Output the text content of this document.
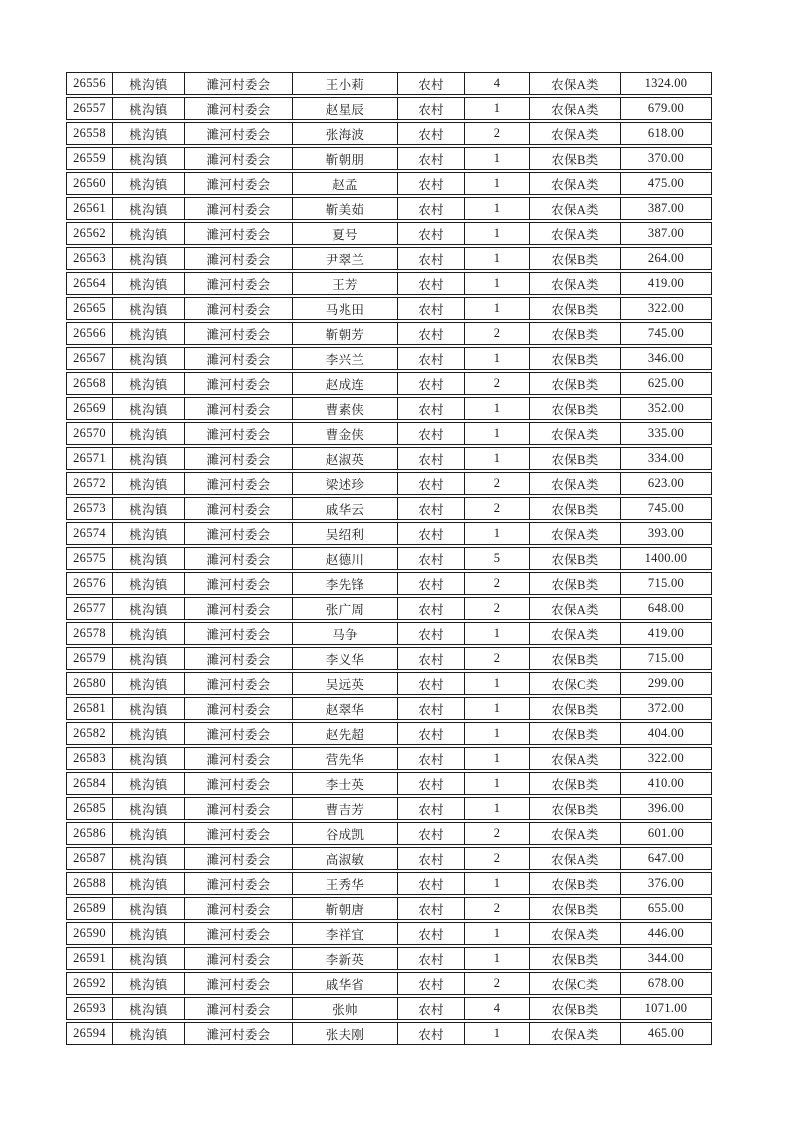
26556	桃沟镇	濉河村委会	王小莉	农村	4	农保A类	1324.00
26557	桃沟镇	濉河村委会	赵星辰	农村	1	农保A类	679.00
26558	桃沟镇	濉河村委会	张海波	农村	2	农保A类	618.00
26559	桃沟镇	濉河村委会	靳朝朋	农村	1	农保B类	370.00
26560	桃沟镇	濉河村委会	赵孟	农村	1	农保A类	475.00
26561	桃沟镇	濉河村委会	靳美茹	农村	1	农保A类	387.00
26562	桃沟镇	濉河村委会	夏号	农村	1	农保A类	387.00
26563	桃沟镇	濉河村委会	尹翠兰	农村	1	农保B类	264.00
26564	桃沟镇	濉河村委会	王芳	农村	1	农保A类	419.00
26565	桃沟镇	濉河村委会	马兆田	农村	1	农保B类	322.00
26566	桃沟镇	濉河村委会	靳朝芳	农村	2	农保B类	745.00
26567	桃沟镇	濉河村委会	李兴兰	农村	1	农保B类	346.00
26568	桃沟镇	濉河村委会	赵成连	农村	2	农保B类	625.00
26569	桃沟镇	濉河村委会	曹素侠	农村	1	农保B类	352.00
26570	桃沟镇	濉河村委会	曹金侠	农村	1	农保A类	335.00
26571	桃沟镇	濉河村委会	赵淑英	农村	1	农保B类	334.00
26572	桃沟镇	濉河村委会	梁述珍	农村	2	农保A类	623.00
26573	桃沟镇	濉河村委会	戚华云	农村	2	农保B类	745.00
26574	桃沟镇	濉河村委会	吴绍利	农村	1	农保A类	393.00
26575	桃沟镇	濉河村委会	赵德川	农村	5	农保B类	1400.00
26576	桃沟镇	濉河村委会	李先锋	农村	2	农保B类	715.00
26577	桃沟镇	濉河村委会	张广周	农村	2	农保A类	648.00
26578	桃沟镇	濉河村委会	马争	农村	1	农保A类	419.00
26579	桃沟镇	濉河村委会	李义华	农村	2	农保B类	715.00
26580	桃沟镇	濉河村委会	吴远英	农村	1	农保C类	299.00
26581	桃沟镇	濉河村委会	赵翠华	农村	1	农保B类	372.00
26582	桃沟镇	濉河村委会	赵先超	农村	1	农保B类	404.00
26583	桃沟镇	濉河村委会	营先华	农村	1	农保A类	322.00
26584	桃沟镇	濉河村委会	李士英	农村	1	农保B类	410.00
26585	桃沟镇	濉河村委会	曹吉芳	农村	1	农保B类	396.00
26586	桃沟镇	濉河村委会	谷成凯	农村	2	农保A类	601.00
26587	桃沟镇	濉河村委会	高淑敏	农村	2	农保A类	647.00
26588	桃沟镇	濉河村委会	王秀华	农村	1	农保B类	376.00
26589	桃沟镇	濉河村委会	靳朝唐	农村	2	农保B类	655.00
26590	桃沟镇	濉河村委会	李祥宜	农村	1	农保A类	446.00
26591	桃沟镇	濉河村委会	李新英	农村	1	农保B类	344.00
26592	桃沟镇	濉河村委会	戚华省	农村	2	农保C类	678.00
26593	桃沟镇	濉河村委会	张帅	农村	4	农保B类	1071.00
26594	桃沟镇	濉河村委会	张夫刚	农村	1	农保A类	465.00
